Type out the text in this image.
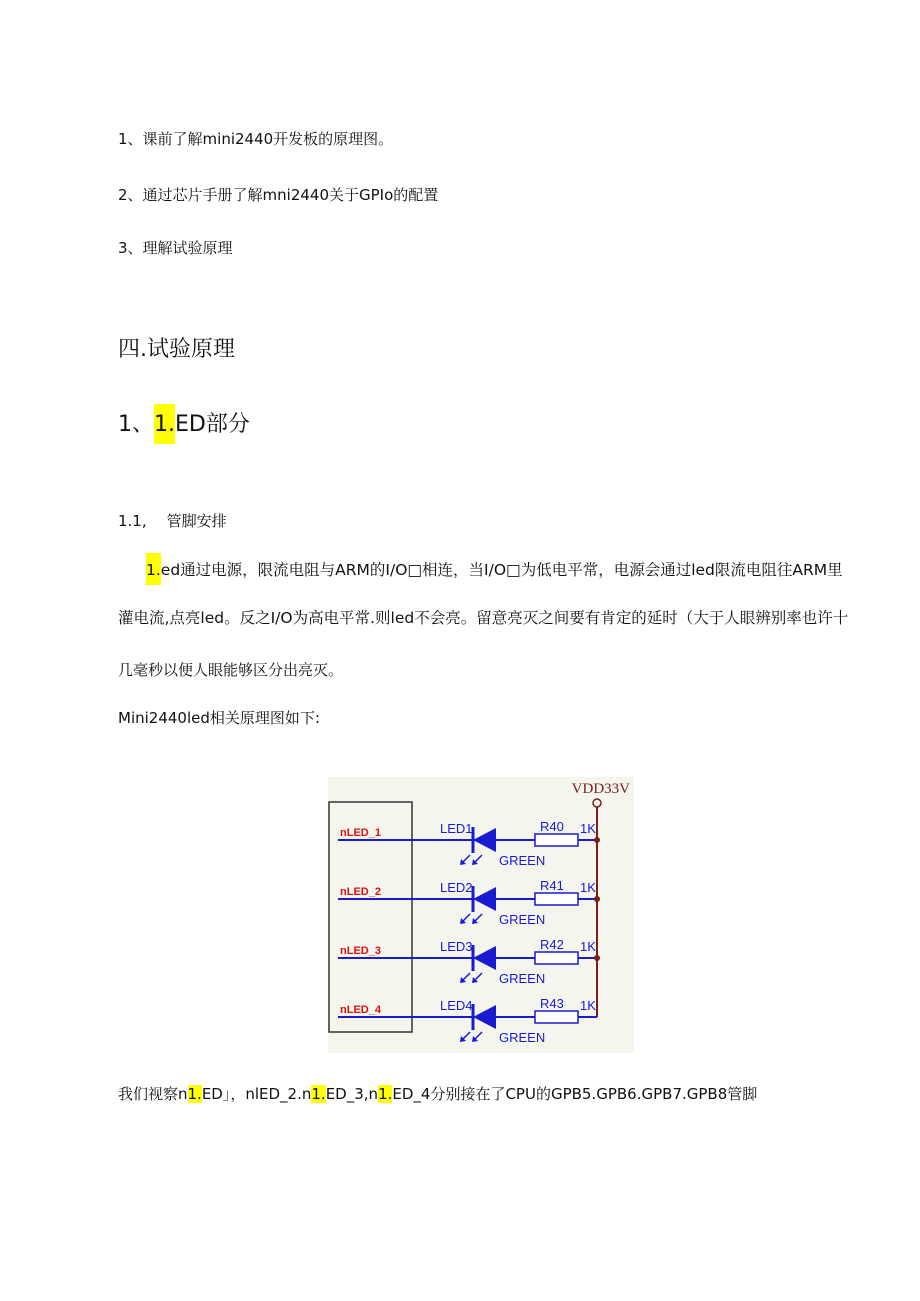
1、课前了解mini2440开发板的原理图。
2、通过芯片手册了解mni2440关于GPIo的配置
3、理解试验原理
四.试验原理
1、1.ED部分
1.1, 管脚安排
1.ed通过电源，限流电阻与ARM的I/O□相连，当I/O□为低电平常，电源会通过led限流电阻往ARM里
灌电流,点亮led。反之I/O为高电平常.则led不会亮。留意亮灭之间要有肯定的延时（大于人眼辨别率也许十
几毫秒以便人眼能够区分出亮灭。
Mini2440led相关原理图如下:
VDD33V
nLED_1	LED1
GREEN
R40 1K
nLED_2	LED2
GREEN
R41 1K
nLED_3	LED3
GREEN
R42 1K
nLED_4	LED4
GREEN
R43 1K
我们视察n1.ED」，nlED_2.n1.ED_3,n1.ED_4分别接在了CPU的GPB5.GPB6.GPB7.GPB8管脚
